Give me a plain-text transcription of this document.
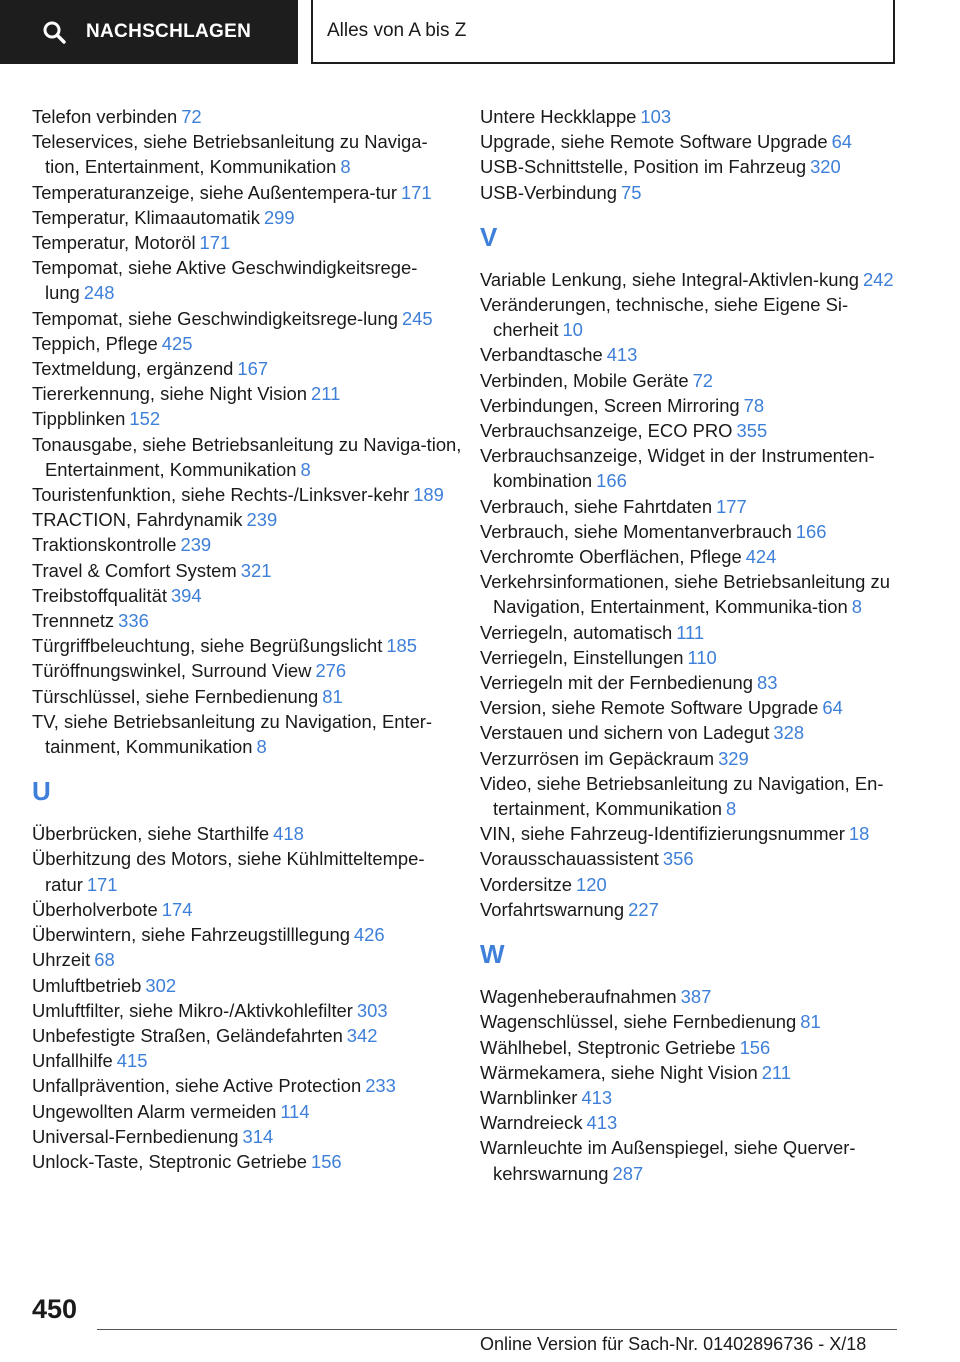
NACHSCHLAGEN	Alles von A bis Z
Telefon verbinden 72
Teleservices, siehe Betriebsanleitung zu Naviga-tion, Entertainment, Kommunikation 8
Temperaturanzeige, siehe Außentempera-tur 171
Temperatur, Klimaautomatik 299
Temperatur, Motoröl 171
Tempomat, siehe Aktive Geschwindigkeitsrege-lung 248
Tempomat, siehe Geschwindigkeitsrege-lung 245
Teppich, Pflege 425
Textmeldung, ergänzend 167
Tiererkennung, siehe Night Vision 211
Tippblinken 152
Tonausgabe, siehe Betriebsanleitung zu Naviga-tion, Entertainment, Kommunikation 8
Touristenfunktion, siehe Rechts-/Linksver-kehr 189
TRACTION, Fahrdynamik 239
Traktionskontrolle 239
Travel & Comfort System 321
Treibstoffqualität 394
Trennnetz 336
Türgriffbeleuchtung, siehe Begrüßungslicht 185
Türöffnungswinkel, Surround View 276
Türschlüssel, siehe Fernbedienung 81
TV, siehe Betriebsanleitung zu Navigation, Enter-tainment, Kommunikation 8
U
Überbrücken, siehe Starthilfe 418
Überhitzung des Motors, siehe Kühlmitteltempe-ratur 171
Überholverbote 174
Überwintern, siehe Fahrzeugstilllegung 426
Uhrzeit 68
Umluftbetrieb 302
Umluftfilter, siehe Mikro-/Aktivkohlefilter 303
Unbefestigte Straßen, Geländefahrten 342
Unfallhilfe 415
Unfallprävention, siehe Active Protection 233
Ungewollten Alarm vermeiden 114
Universal-Fernbedienung 314
Unlock-Taste, Steptronic Getriebe 156
Untere Heckklappe 103
Upgrade, siehe Remote Software Upgrade 64
USB-Schnittstelle, Position im Fahrzeug 320
USB-Verbindung 75
V
Variable Lenkung, siehe Integral-Aktivlen-kung 242
Veränderungen, technische, siehe Eigene Si-cherheit 10
Verbandtasche 413
Verbinden, Mobile Geräte 72
Verbindungen, Screen Mirroring 78
Verbrauchsanzeige, ECO PRO 355
Verbrauchsanzeige, Widget in der Instrumenten-kombination 166
Verbrauch, siehe Fahrtdaten 177
Verbrauch, siehe Momentanverbrauch 166
Verchromte Oberflächen, Pflege 424
Verkehrsinformationen, siehe Betriebsanleitung zu Navigation, Entertainment, Kommunika-tion 8
Verriegeln, automatisch 111
Verriegeln, Einstellungen 110
Verriegeln mit der Fernbedienung 83
Version, siehe Remote Software Upgrade 64
Verstauen und sichern von Ladegut 328
Verzurrösen im Gepäckraum 329
Video, siehe Betriebsanleitung zu Navigation, En-tertainment, Kommunikation 8
VIN, siehe Fahrzeug-Identifizierungsnummer 18
Vorausschauassistent 356
Vordersitze 120
Vorfahrtswarnung 227
W
Wagenheberaufnahmen 387
Wagenschlüssel, siehe Fernbedienung 81
Wählhebel, Steptronic Getriebe 156
Wärmekamera, siehe Night Vision 211
Warnblinker 413
Warndreieck 413
Warnleuchte im Außenspiegel, siehe Querver-kehrswarnung 287
450
Online Version für Sach-Nr. 01402896736 - X/18
